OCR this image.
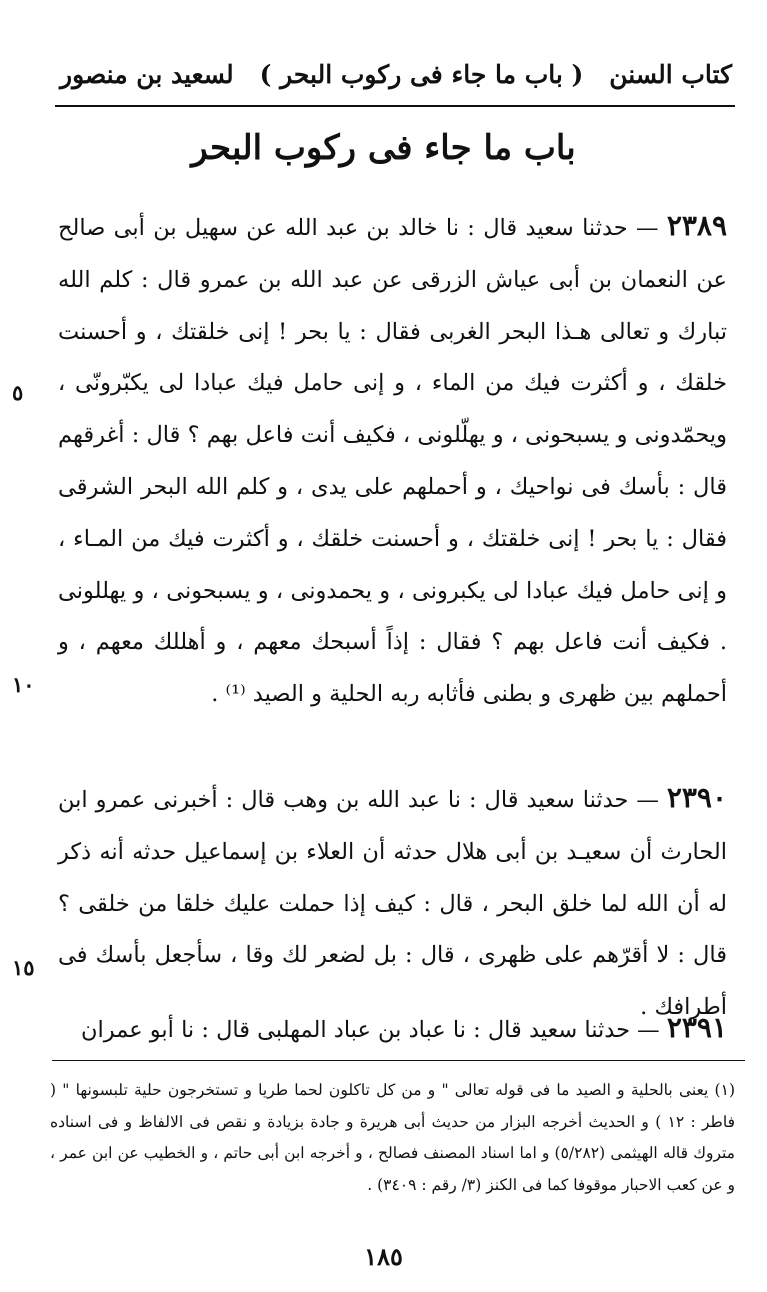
كتاب السنن
( باب ما جاء فى ركوب البحر )
لسعيد بن منصور
باب ما جاء فى ركوب البحر
٢٣٨٩ — حدثنا سعيد قال : نا خالد بن عبد الله عن سهيل بن أبى صالح عن النعمان بن أبى عياش الزرقى عن عبد الله بن عمرو قال : كلم الله تبارك و تعالى هـذا البحر الغربى فقال : يا بحر ! إنى خلقتك ، و أحسنت خلقك ، و أكثرت فيك من الماء ، و إنى حامل فيك عبادا لى يكبّرونّى ، ويحمّدونى و يسبحونى ، و يهلّلونى ، فكيف أنت فاعل بهم ؟ قال : أغرقهم قال : بأسك فى نواحيك ، و أحملهم على يدى ، و كلم الله البحر الشرقى فقال : يا بحر ! إنى خلقتك ، و أحسنت خلقك ، و أكثرت فيك من المـاء ، و إنى حامل فيك عبادا لى يكبرونى ، و يحمدونى ، و يسبحونى ، و يهللونى . فكيف أنت فاعل بهم ؟ فقال : إذاً أسبحك معهم ، و أهللك معهم ، و أحملهم بين ظهرى و بطنى فأثابه ربه الحلية و الصيد ⁽¹⁾ .
٢٣٩٠ — حدثنا سعيد قال : نا عبد الله بن وهب قال : أخبرنى عمرو ابن الحارث أن سعيـد بن أبى هلال حدثه أن العلاء بن إسماعيل حدثه أنه ذكر له أن الله لما خلق البحر ، قال : كيف إذا حملت عليك خلقا من خلقى ؟ قال : لا أقرّهم على ظهرى ، قال : بل لضعر لك وقا ، سأجعل بأسك فى أطرافك .
٢٣٩١ — حدثنا سعيد قال : نا عباد بن عباد المهلبى قال : نا أبو عمران
٥
١٠
١٥
(١) يعنى بالحلية و الصيد ما فى قوله تعالى " و من كل تاكلون لحما طريا و تستخرجون حلية تلبسونها " ( فاطر : ١٢ ) و الحديث أخرجه البزار من حديث أبى هريرة و جادة بزيادة و نقص فى الالفاظ و فى اسناده متروك قاله الهيثمى (٥/٢٨٢) و اما اسناد المصنف فصالح ، و أخرجه ابن أبى حاتم ، و الخطيب عن ابن عمر ، و عن كعب الاحبار موقوفا كما فى الكنز (٣/ رقم : ٣٤٠٩) .
١٨٥
